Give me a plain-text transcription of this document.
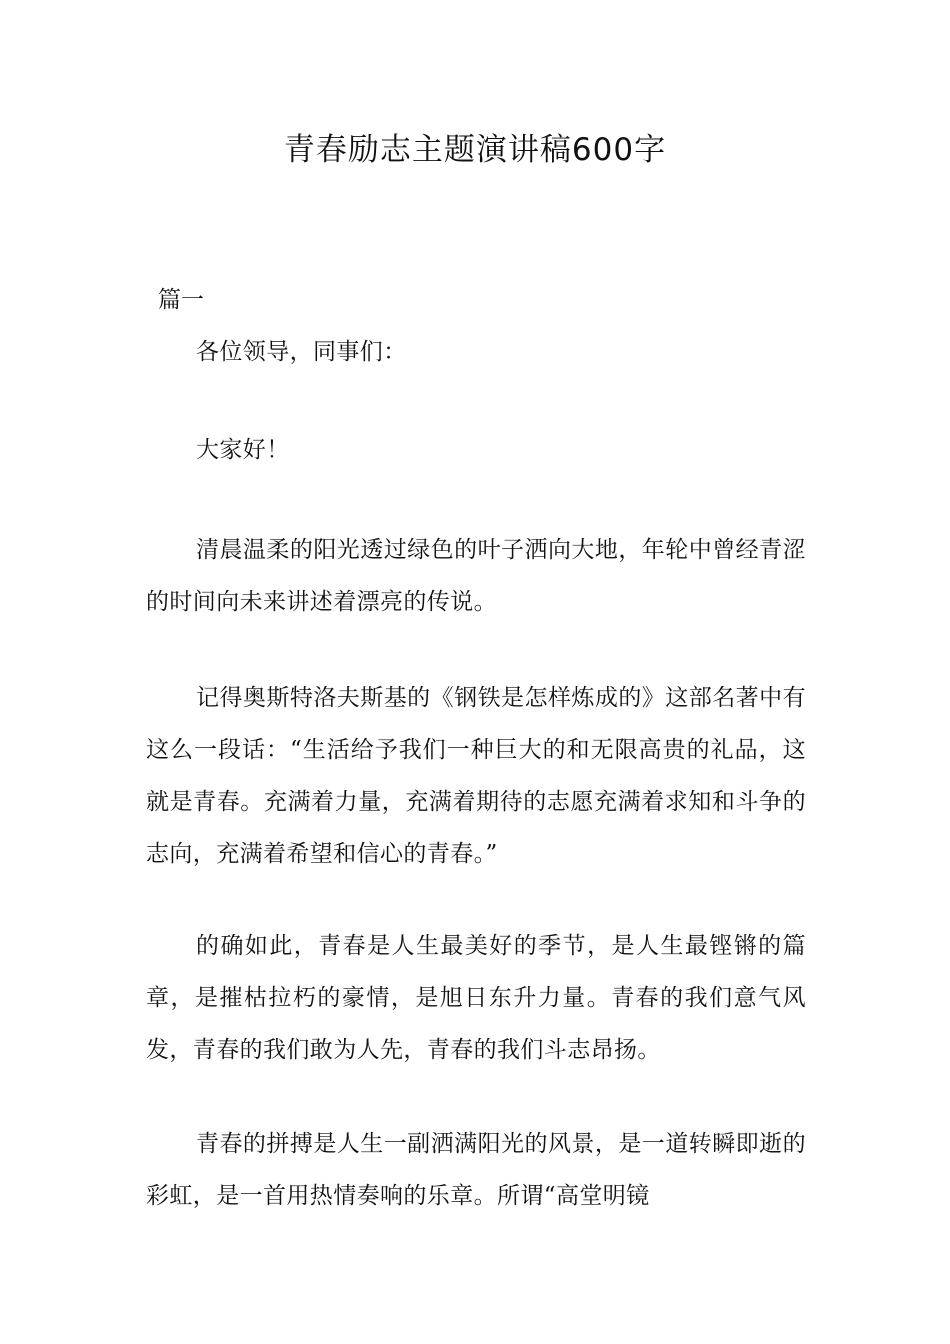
青春励志主题演讲稿600字
篇一

各位领导，同事们：

大家好！

清晨温柔的阳光透过绿色的叶子洒向大地，年轮中曾经青涩的时间向未来讲述着漂亮的传说。

记得奥斯特洛夫斯基的《钢铁是怎样炼成的》这部名著中有这么一段话：“生活给予我们一种巨大的和无限高贵的礼品，这就是青春。充满着力量，充满着期待的志愿充满着求知和斗争的志向，充满着希望和信心的青春。”

的确如此，青春是人生最美好的季节，是人生最铿锵的篇章，是摧枯拉朽的豪情，是旭日东升力量。青春的我们意气风发，青春的我们敢为人先，青春的我们斗志昂扬。

青春的拼搏是人生一副洒满阳光的风景，是一道转瞬即逝的彩虹，是一首用热情奏响的乐章。所谓“高堂明镜
